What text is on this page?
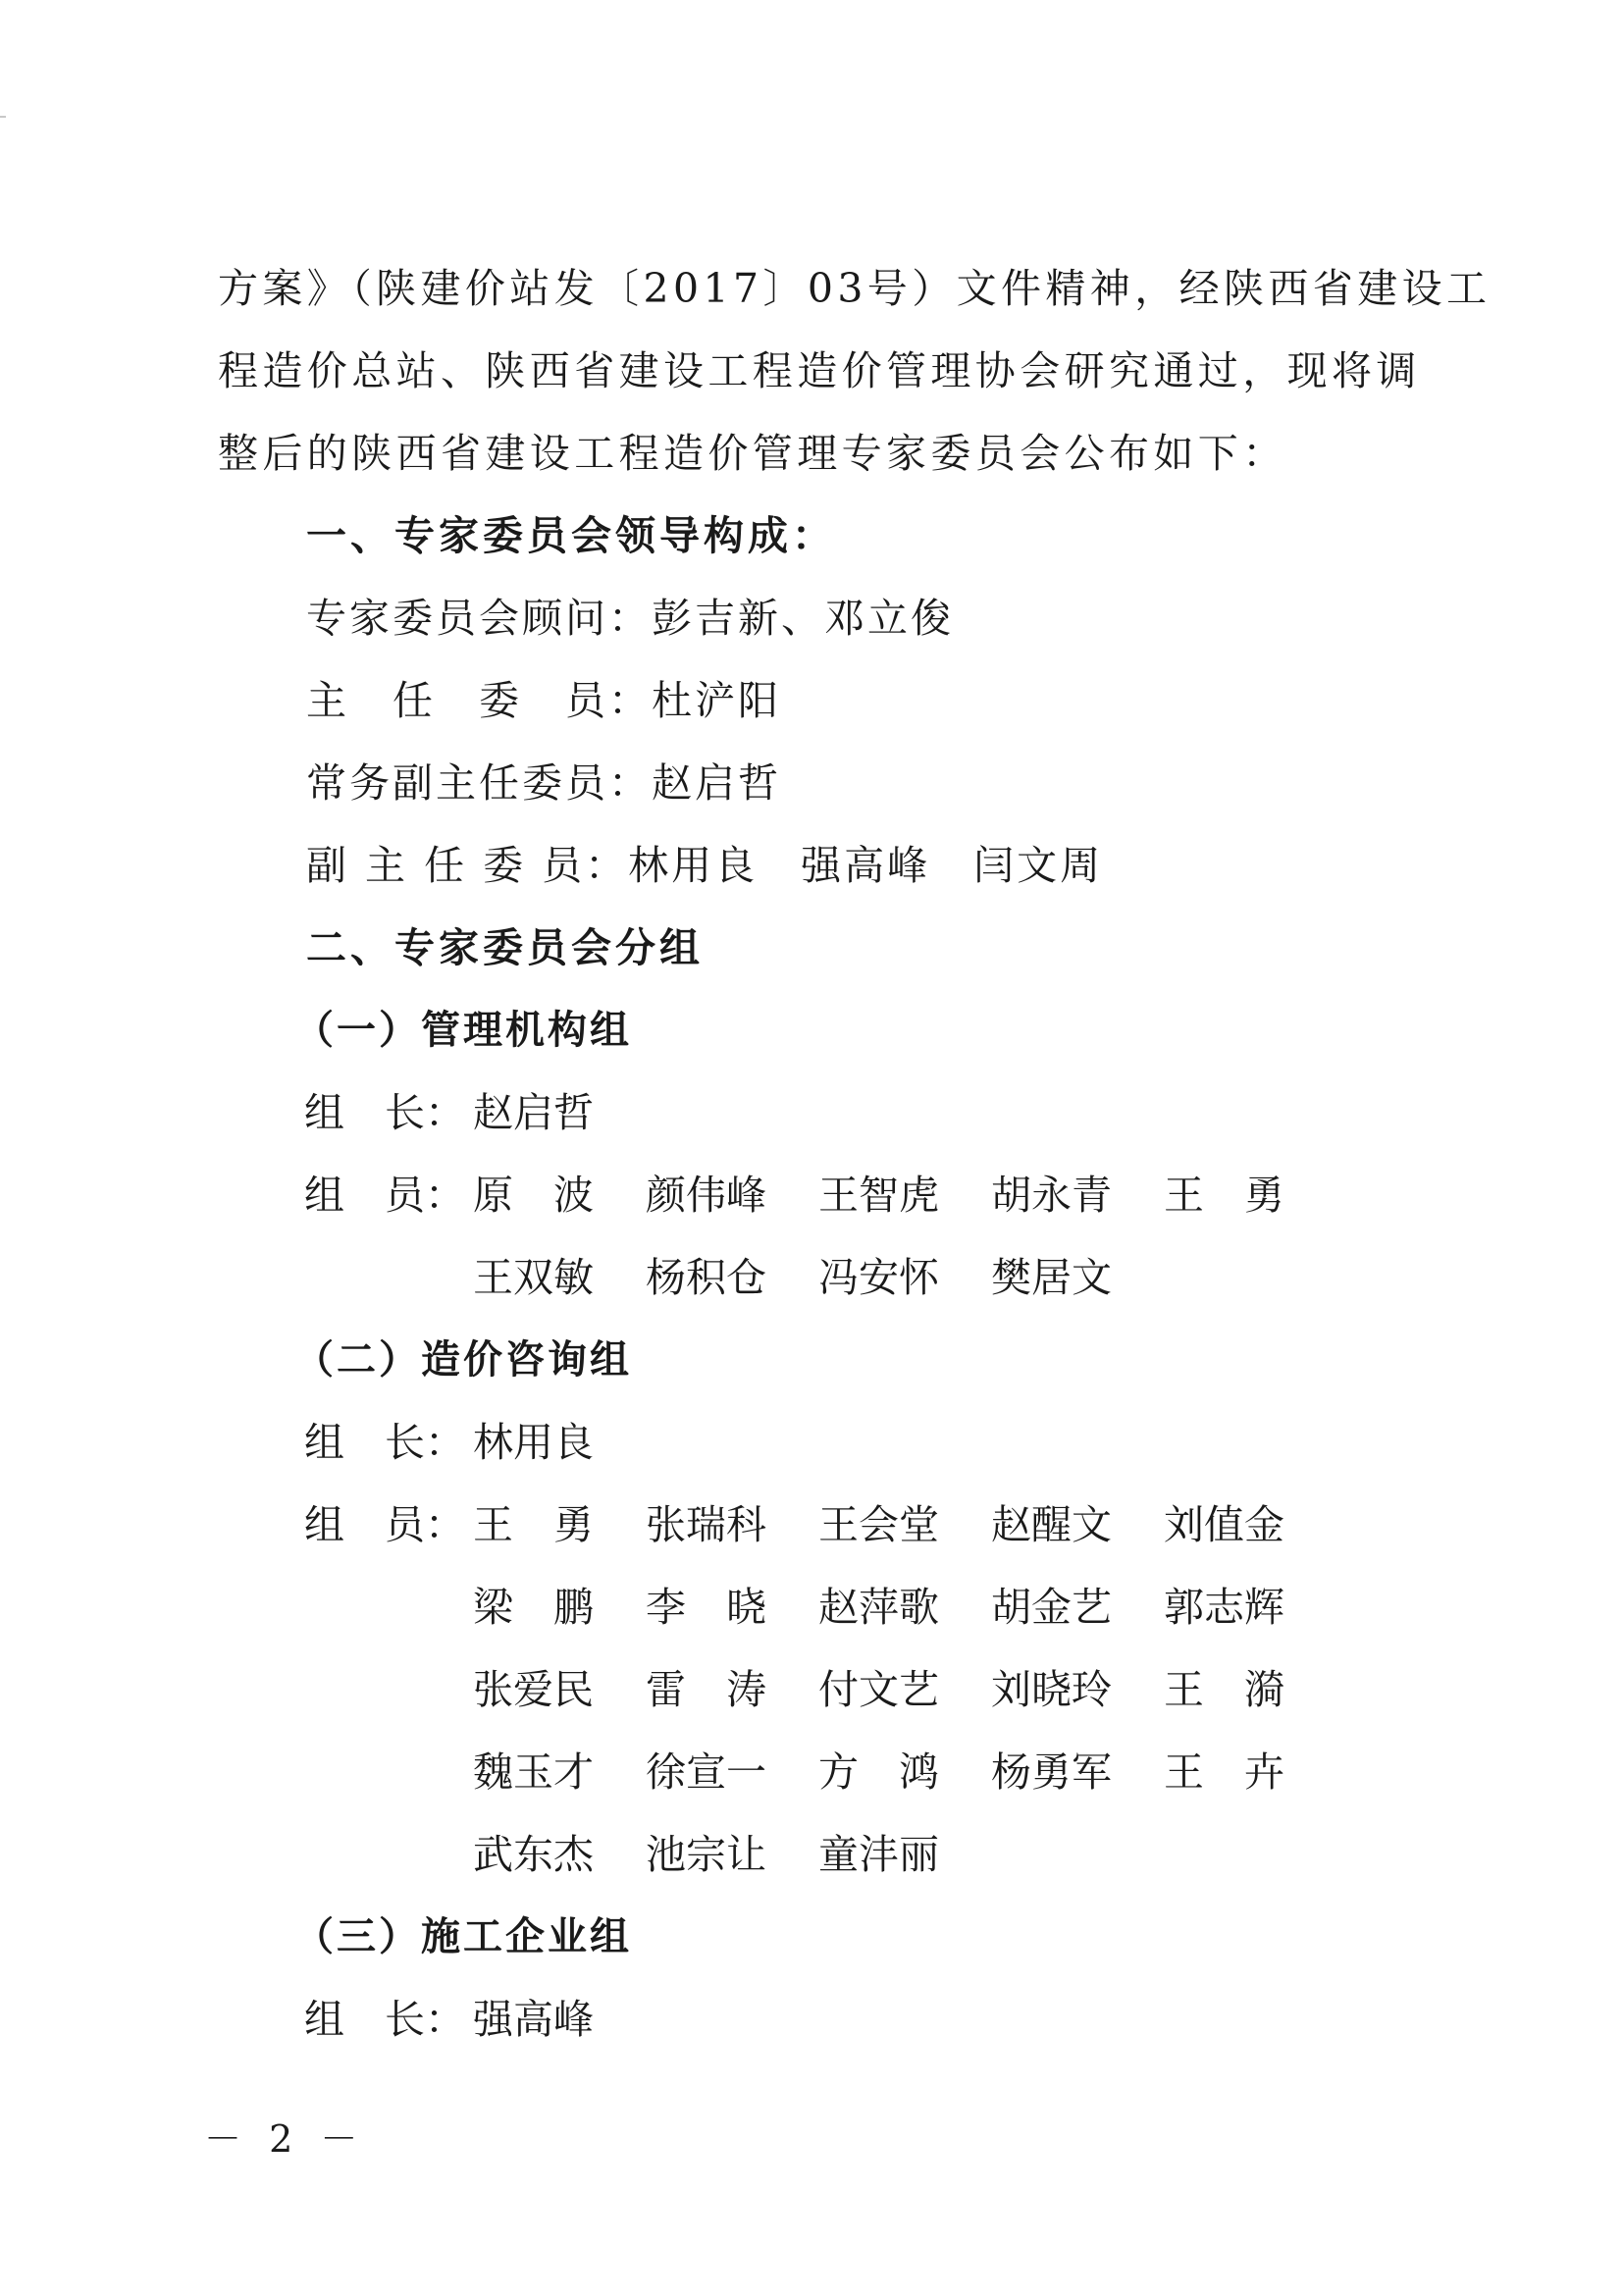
方案》（陕建价站发〔2017〕03号）文件精神，经陕西省建设工
程造价总站、陕西省建设工程造价管理协会研究通过，现将调
整后的陕西省建设工程造价管理专家委员会公布如下：
一、专家委员会领导构成：
专家委员会顾问：彭吉新、邓立俊
主　任　委　员：杜浐阳
常务副主任委员：赵启哲
副 主 任 委 员：林用良　强高峰　闫文周
二、专家委员会分组
（一）管理机构组
组　长： 赵启哲
组　员： 原　波 颜伟峰 王智虎 胡永青 王　勇
王双敏 杨积仓 冯安怀 樊居文
（二）造价咨询组
组　长： 林用良
组　员： 王　勇 张瑞科 王会堂 赵醒文 刘值金
梁　鹏 李　晓 赵萍歌 胡金艺 郭志辉
张爱民 雷　涛 付文艺 刘晓玲 王　漪
魏玉才 徐宣一 方　鸿 杨勇军 王　卉
武东杰 池宗让 童沣丽
（三）施工企业组
组　长： 强高峰
－ 2 －
